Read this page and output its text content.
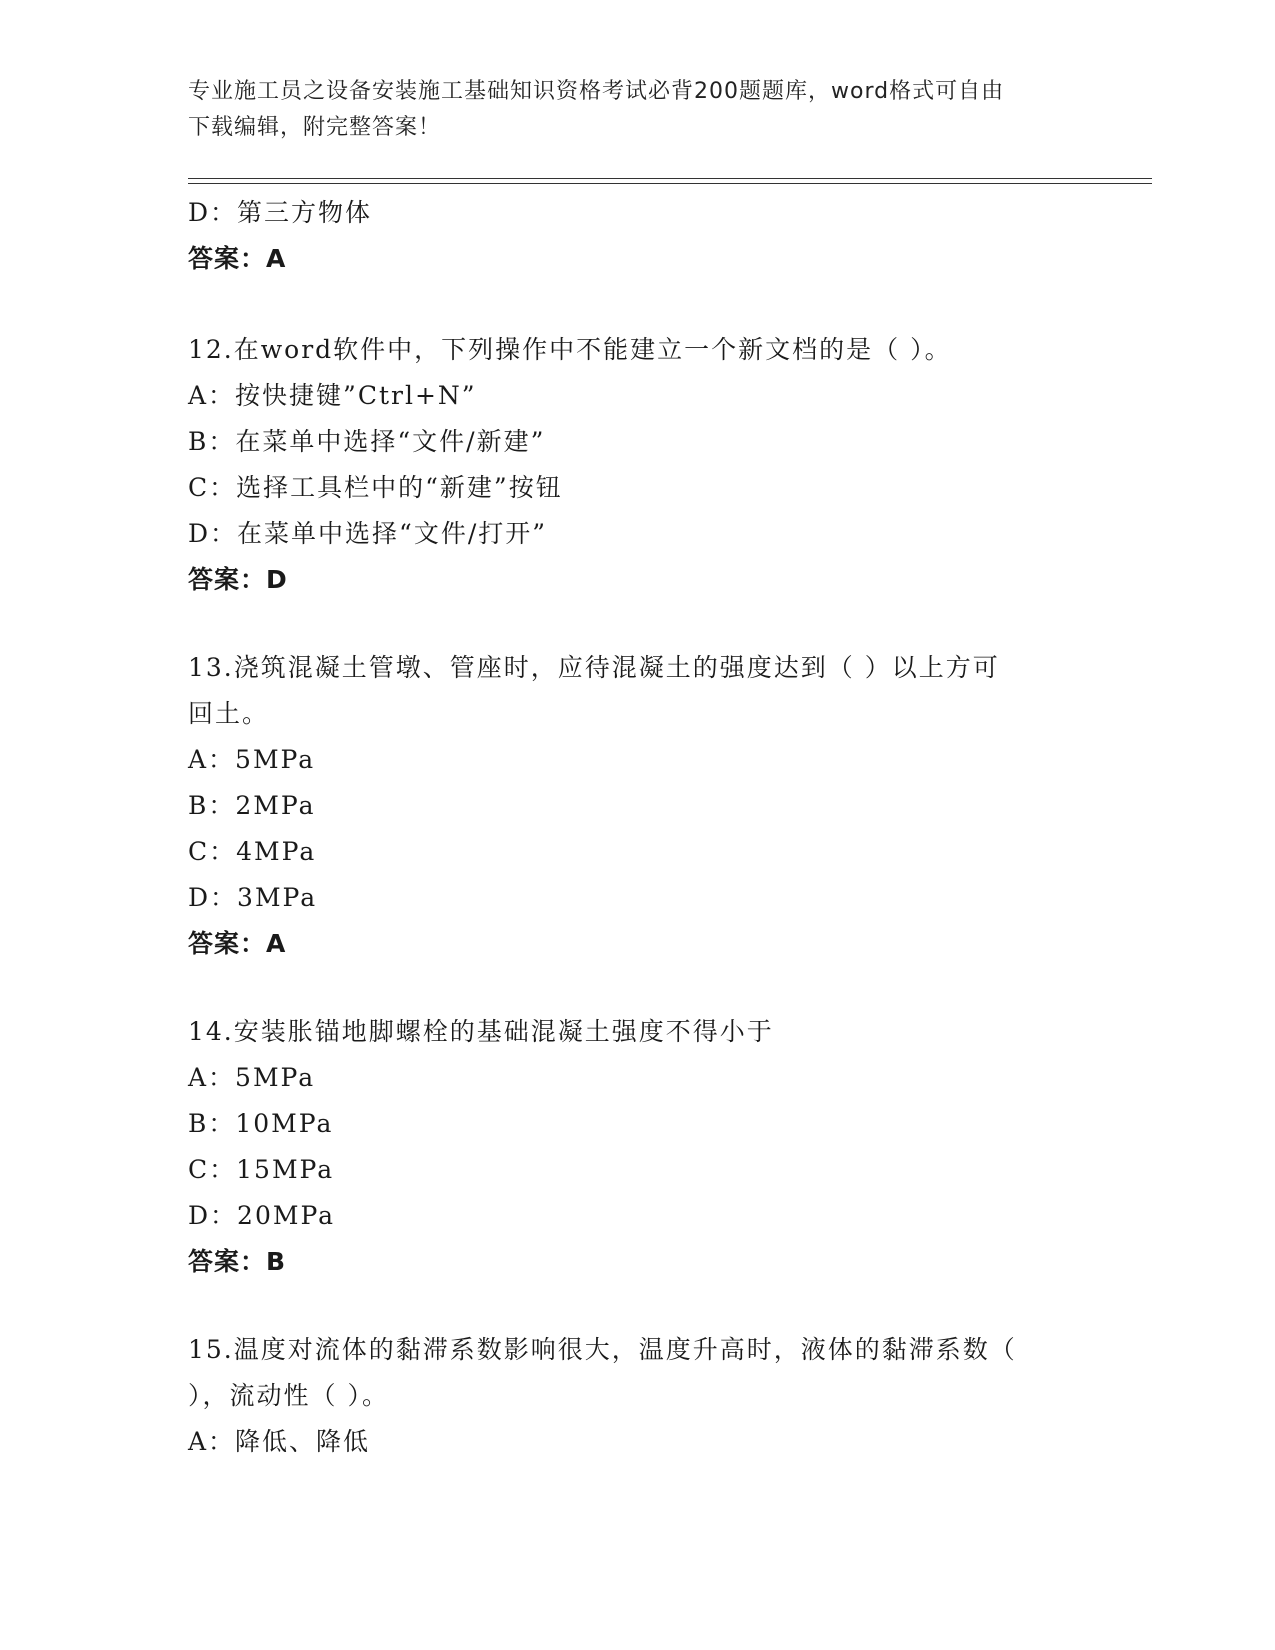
专业施工员之设备安装施工基础知识资格考试必背200题题库，word格式可自由
下载编辑，附完整答案！
D：第三方物体
答案：A
12.在word软件中，下列操作中不能建立一个新文档的是（ ）。
A：按快捷键”Ctrl+N”
B：在菜单中选择“文件/新建”
C：选择工具栏中的“新建”按钮
D：在菜单中选择“文件/打开”
答案：D
13.浇筑混凝土管墩、管座时，应待混凝土的强度达到（ ）以上方可
回土。
A：5MPa
B：2MPa
C：4MPa
D：3MPa
答案：A
14.安装胀锚地脚螺栓的基础混凝土强度不得小于
A：5MPa
B：10MPa
C：15MPa
D：20MPa
答案：B
15.温度对流体的黏滞系数影响很大，温度升高时，液体的黏滞系数（
），流动性（ ）。
A：降低、降低
